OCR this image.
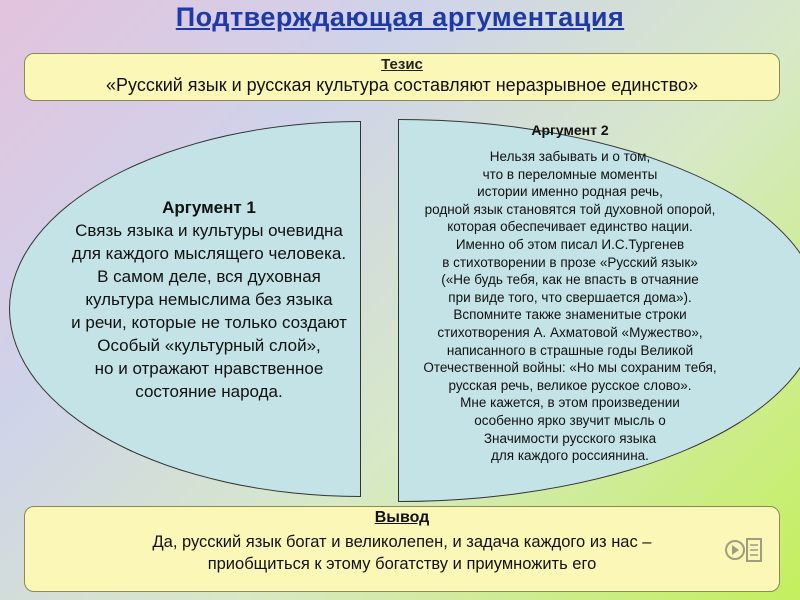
Подтверждающая аргументация
Тезис
«Русский язык и русская культура составляют неразрывное единство»
Аргумент 1
Связь языка и культуры очевидна
для каждого мыслящего человека.
В самом деле, вся духовная
культура немыслима без языка
и речи, которые не только создают
Особый «культурный слой»,
но и отражают нравственное
состояние народа.
Аргумент 2
Нельзя забывать и о том,
что в переломные моменты
истории именно родная речь,
родной язык становятся той духовной опорой,
которая обеспечивает единство нации.
Именно об этом писал И.С.Тургенев
в стихотворении в прозе «Русский язык»
(«Не будь тебя, как не впасть в отчаяние
при виде того, что свершается дома»).
Вспомните также знаменитые строки
стихотворения А. Ахматовой «Мужество»,
написанного в страшные годы Великой
Отечественной войны: «Но мы сохраним тебя,
русская речь, великое русское слово».
Мне кажется, в этом произведении
особенно ярко звучит мысль о
Значимости русского языка
для каждого россиянина.
Вывод
Да, русский язык богат и великолепен, и задача каждого из нас –
приобщиться к этому богатству и приумножить его
